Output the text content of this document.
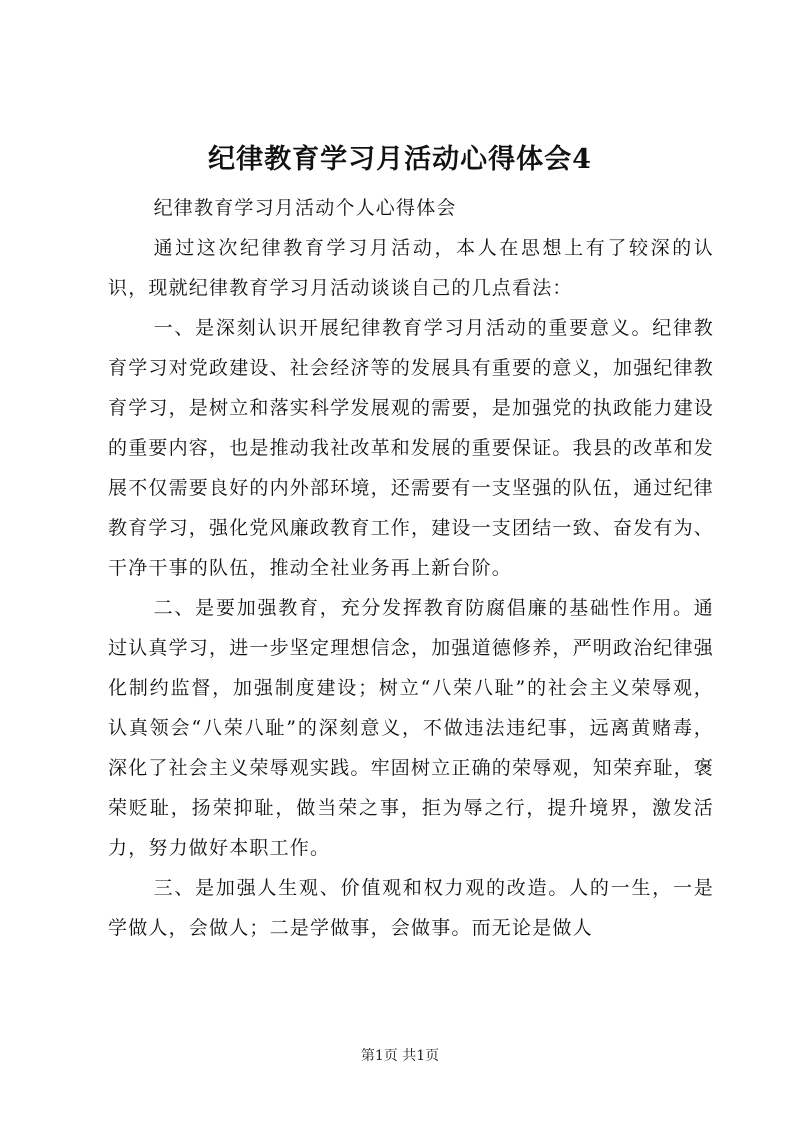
纪律教育学习月活动心得体会4

纪律教育学习月活动个人心得体会

通过这次纪律教育学习月活动，本人在思想上有了较深的认识，现就纪律教育学习月活动谈谈自己的几点看法：

一、是深刻认识开展纪律教育学习月活动的重要意义。纪律教育学习对党政建设、社会经济等的发展具有重要的意义，加强纪律教育学习，是树立和落实科学发展观的需要，是加强党的执政能力建设的重要内容，也是推动我社改革和发展的重要保证。我县的改革和发展不仅需要良好的内外部环境，还需要有一支坚强的队伍，通过纪律教育学习，强化党风廉政教育工作，建设一支团结一致、奋发有为、干净干事的队伍，推动全社业务再上新台阶。

二、是要加强教育，充分发挥教育防腐倡廉的基础性作用。通过认真学习，进一步坚定理想信念，加强道德修养，严明政治纪律强化制约监督，加强制度建设；树立“八荣八耻”的社会主义荣辱观，认真领会“八荣八耻”的深刻意义，不做违法违纪事，远离黄赌毒，深化了社会主义荣辱观实践。牢固树立正确的荣辱观，知荣弃耻，褒荣贬耻，扬荣抑耻，做当荣之事，拒为辱之行，提升境界，激发活力，努力做好本职工作。

三、是加强人生观、价值观和权力观的改造。人的一生，一是学做人，会做人；二是学做事，会做事。而无论是做人

第1页 共1页
